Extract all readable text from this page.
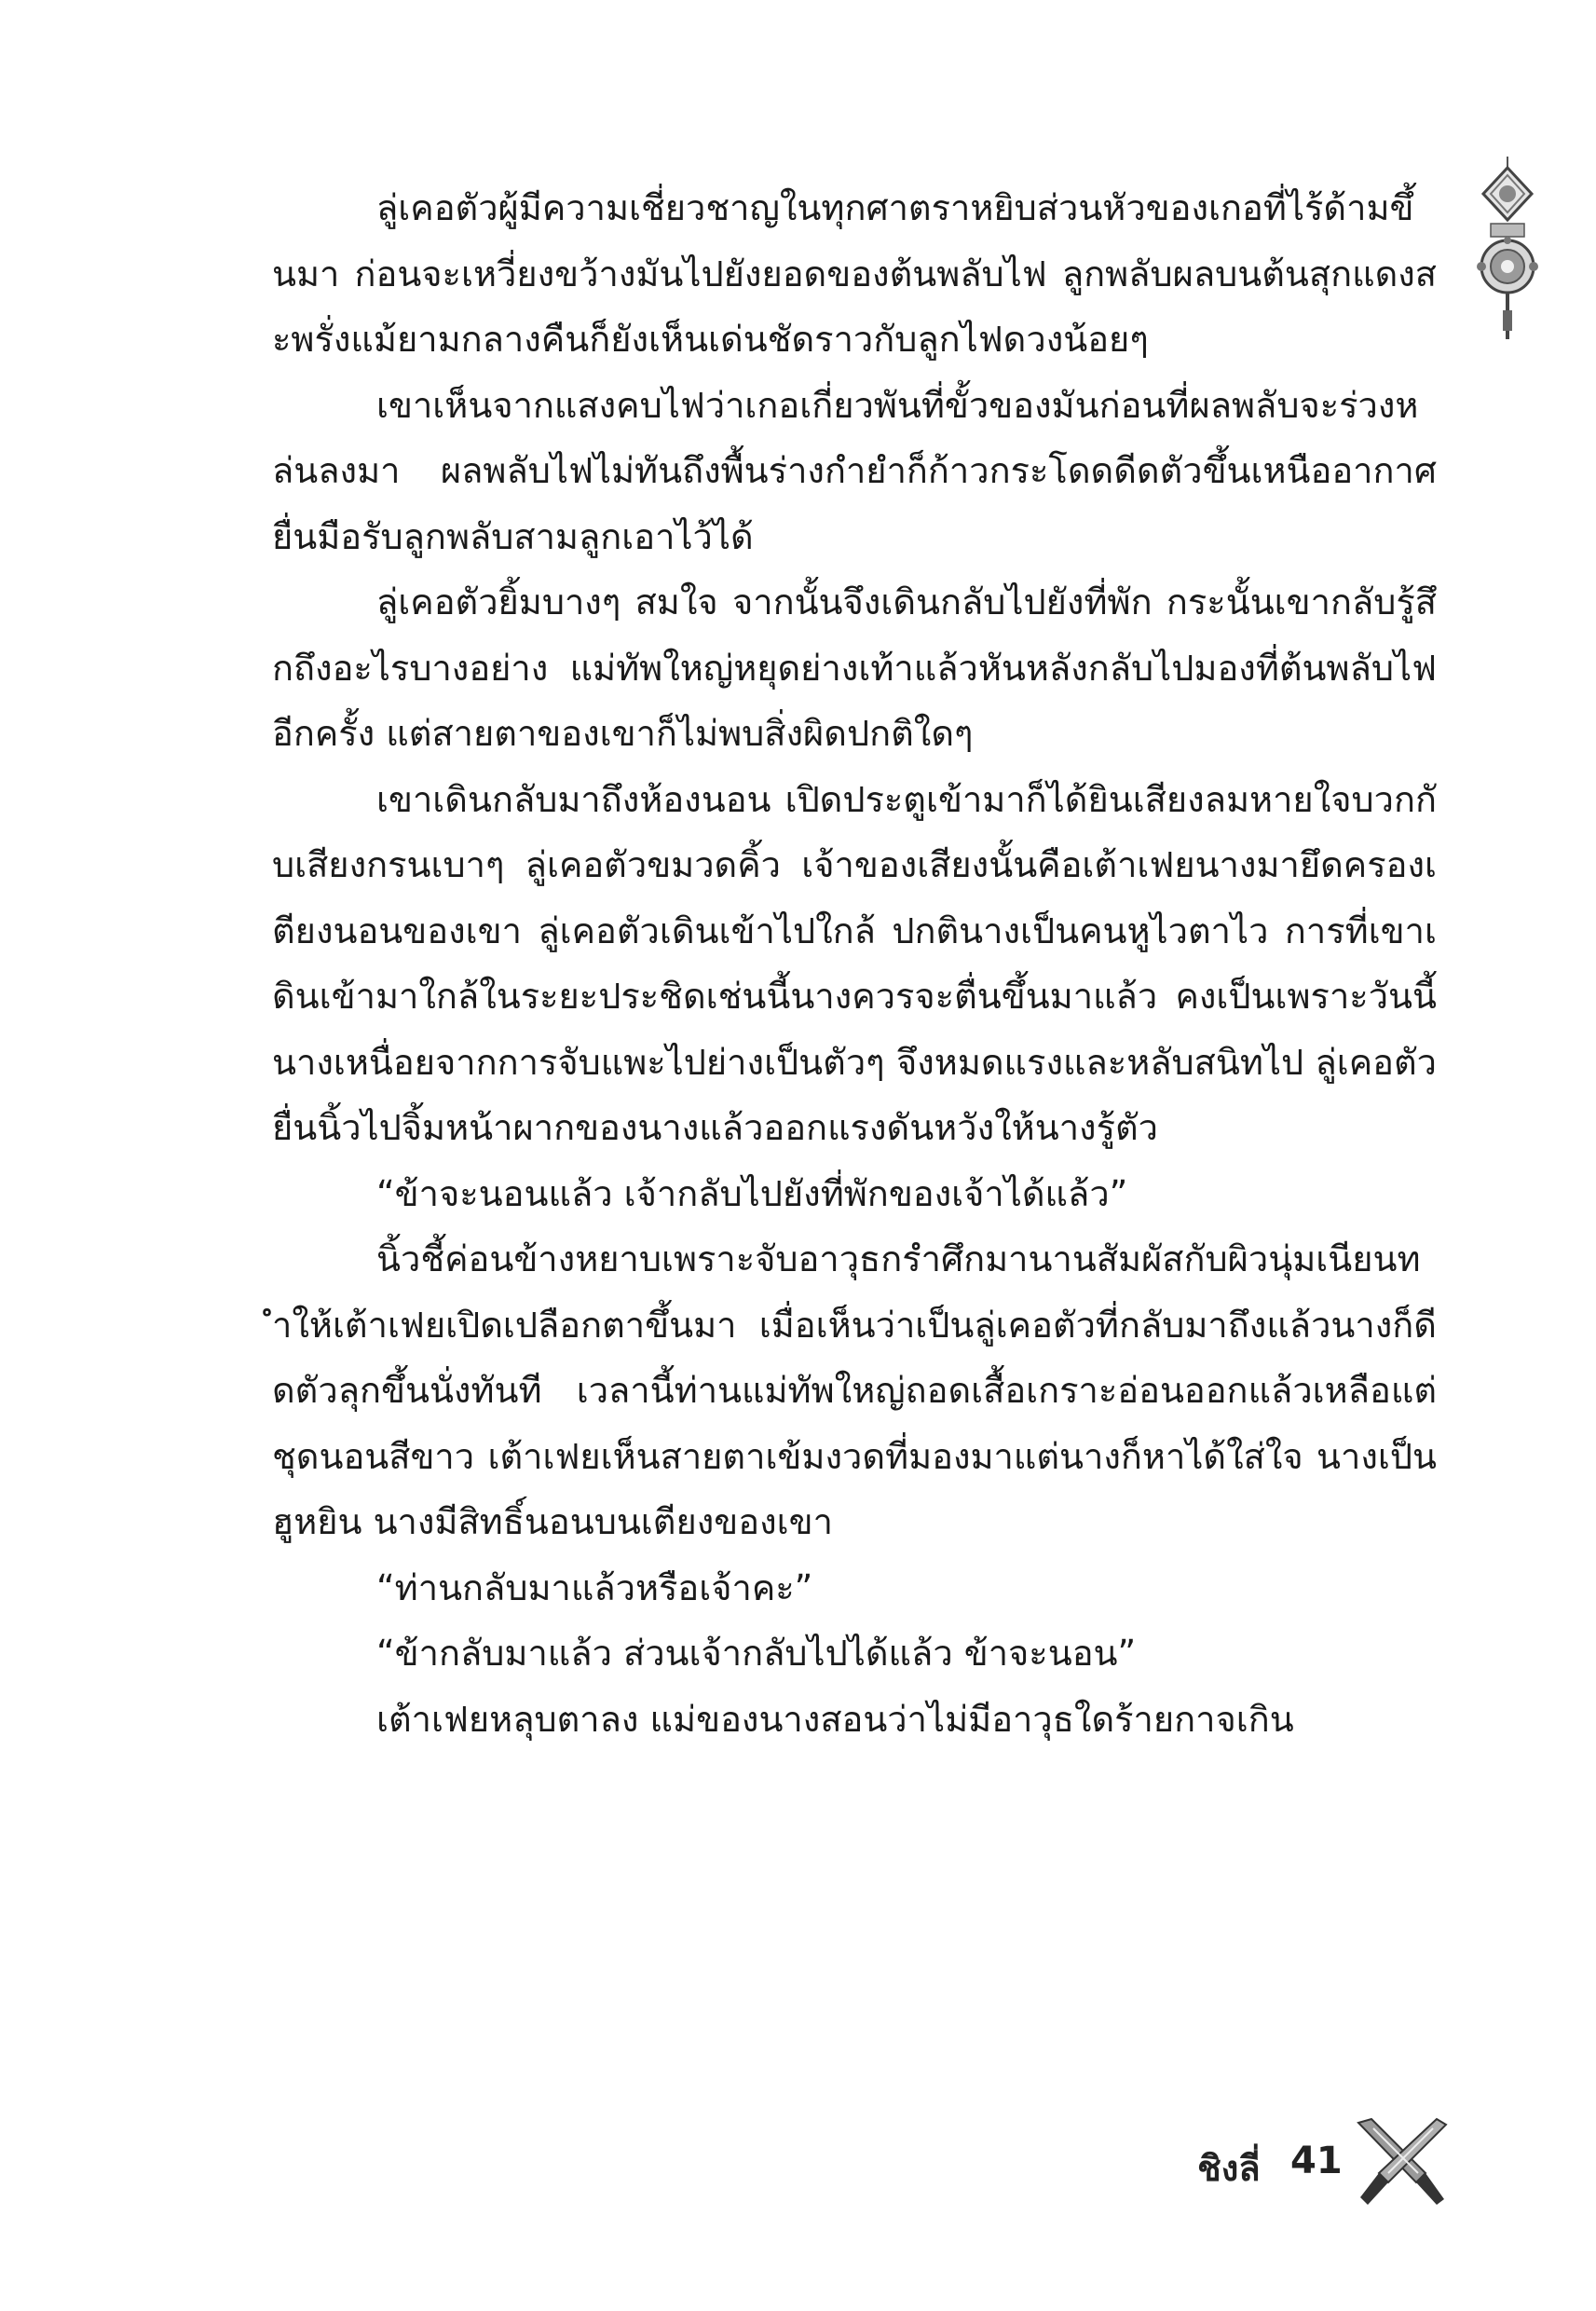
ลู่เคอตัวผู้มีความเชี่ยวชาญในทุกศาตราหยิบส่วนหัวของเกอที่ไร้ด้ามขึ้นมา ก่อนจะเหวี่ยงขว้างมันไปยังยอดของต้นพลับไฟ ลูกพลับผลบนต้นสุกแดงสะพรั่งแม้ยามกลางคืนก็ยังเห็นเด่นชัดราวกับลูกไฟดวงน้อยๆ

เขาเห็นจากแสงคบไฟว่าเกอเกี่ยวพันที่ขั้วของมันก่อนที่ผลพลับจะร่วงหล่นลงมา ผลพลับไฟไม่ทันถึงพื้นร่างกำยำก็ก้าวกระโดดดีดตัวขึ้นเหนืออากาศ ยื่นมือรับลูกพลับสามลูกเอาไว้ได้

ลู่เคอตัวยิ้มบางๆ สมใจ จากนั้นจึงเดินกลับไปยังที่พัก กระนั้นเขากลับรู้สึกถึงอะไรบางอย่าง แม่ทัพใหญ่หยุดย่างเท้าแล้วหันหลังกลับไปมองที่ต้นพลับไฟอีกครั้ง แต่สายตาของเขาก็ไม่พบสิ่งผิดปกติใดๆ

เขาเดินกลับมาถึงห้องนอน เปิดประตูเข้ามาก็ได้ยินเสียงลมหายใจบวกกับเสียงกรนเบาๆ ลู่เคอตัวขมวดคิ้ว เจ้าของเสียงนั้นคือเต้าเฟยนางมายึดครองเตียงนอนของเขา ลู่เคอตัวเดินเข้าไปใกล้ ปกตินางเป็นคนหูไวตาไว การที่เขาเดินเข้ามาใกล้ในระยะประชิดเช่นนี้นางควรจะตื่นขึ้นมาแล้ว คงเป็นเพราะวันนี้นางเหนื่อยจากการจับแพะไปย่างเป็นตัวๆ จึงหมดแรงและหลับสนิทไป ลู่เคอตัวยื่นนิ้วไปจิ้มหน้าผากของนางแล้วออกแรงดันหวังให้นางรู้ตัว

“ข้าจะนอนแล้ว เจ้ากลับไปยังที่พักของเจ้าได้แล้ว”

นิ้วชี้ค่อนข้างหยาบเพราะจับอาวุธกรำศึกมานานสัมผัสกับผิวนุ่มเนียนทำให้เต้าเฟยเปิดเปลือกตาขึ้นมา เมื่อเห็นว่าเป็นลู่เคอตัวที่กลับมาถึงแล้วนางก็ดีดตัวลุกขึ้นนั่งทันที เวลานี้ท่านแม่ทัพใหญ่ถอดเสื้อเกราะอ่อนออกแล้วเหลือแต่ชุดนอนสีขาว เต้าเฟยเห็นสายตาเข้มงวดที่มองมาแต่นางก็หาได้ใส่ใจ นางเป็นฮูหยิน นางมีสิทธิ์นอนบนเตียงของเขา

“ท่านกลับมาแล้วหรือเจ้าคะ”

“ข้ากลับมาแล้ว ส่วนเจ้ากลับไปได้แล้ว ข้าจะนอน”

เต้าเฟยหลุบตาลง แม่ของนางสอนว่าไม่มีอาวุธใดร้ายกาจเกิน

ชิงลี่ 41
